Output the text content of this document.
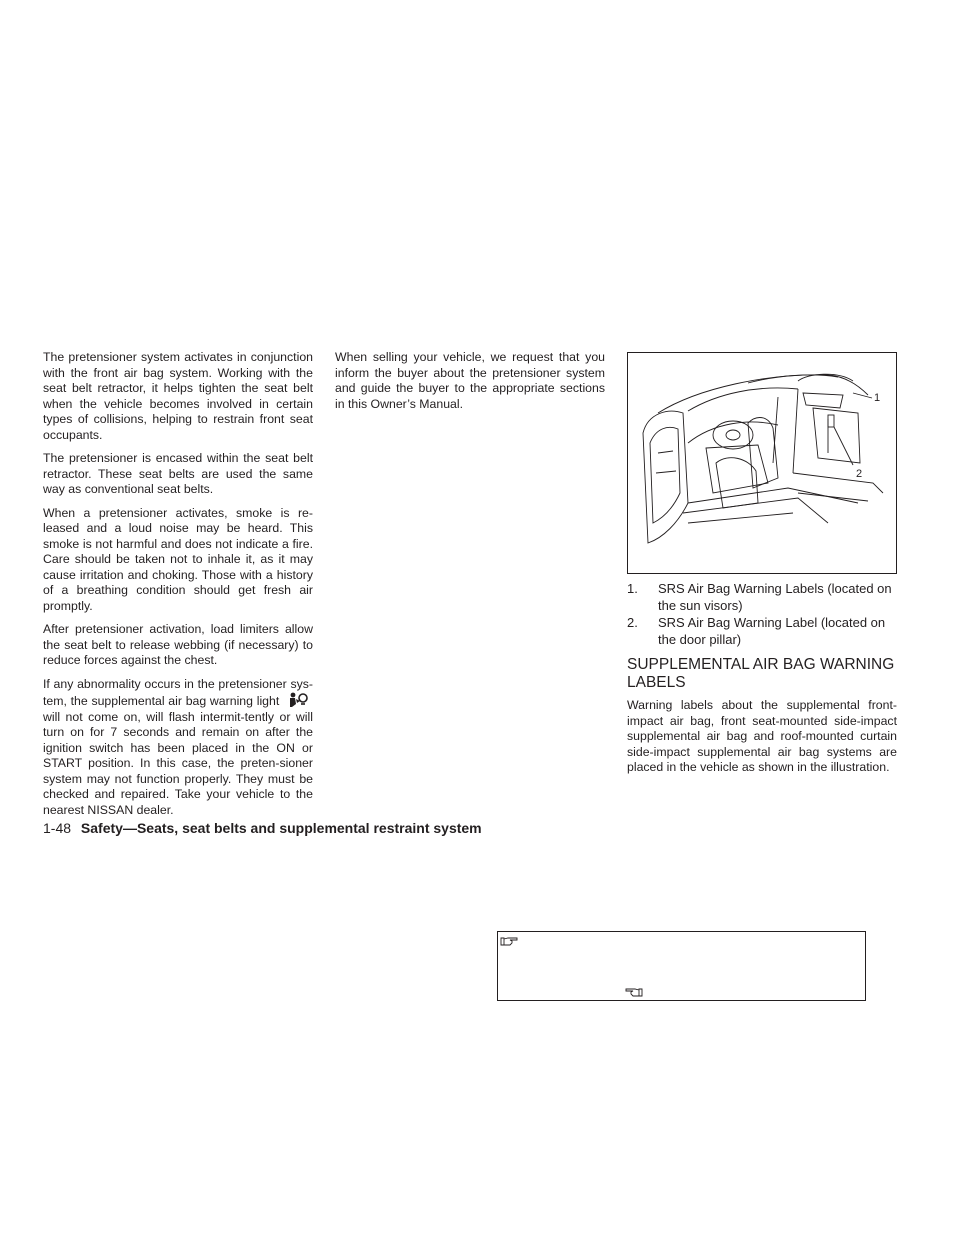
The pretensioner system activates in conjunction with the front air bag system. Working with the seat belt retractor, it helps tighten the seat belt when the vehicle becomes involved in certain types of collisions, helping to restrain front seat occupants.

The pretensioner is encased within the seat belt retractor. These seat belts are used the same way as conventional seat belts.

When a pretensioner activates, smoke is re-leased and a loud noise may be heard. This smoke is not harmful and does not indicate a fire. Care should be taken not to inhale it, as it may cause irritation and choking. Those with a history of a breathing condition should get fresh air promptly.

After pretensioner activation, load limiters allow the seat belt to release webbing (if necessary) to reduce forces against the chest.

If any abnormality occurs in the pretensioner sys-tem, the supplemental air bag warning light  will not come on, will flash intermit-tently or will turn on for 7 seconds and remain on after the ignition switch has been placed in the ON or START position. In this case, the preten-sioner system may not function properly. They must be checked and repaired. Take your vehicle to the nearest NISSAN dealer.

When selling your vehicle, we request that you inform the buyer about the pretensioner system and guide the buyer to the appropriate sections in this Owner’s Manual.	1
2
1.	SRS Air Bag Warning Labels (located on the sun visors)
2.	SRS Air Bag Warning Label (located on the door pillar)
SUPPLEMENTAL AIR BAG WARNING LABELS

Warning labels about the supplemental front-impact air bag, front seat-mounted side-impact supplemental air bag and roof-mounted curtain side-impact supplemental air bag systems are placed in the vehicle as shown in the illustration.

1-48 Safety—Seats, seat belts and supplemental restraint system
